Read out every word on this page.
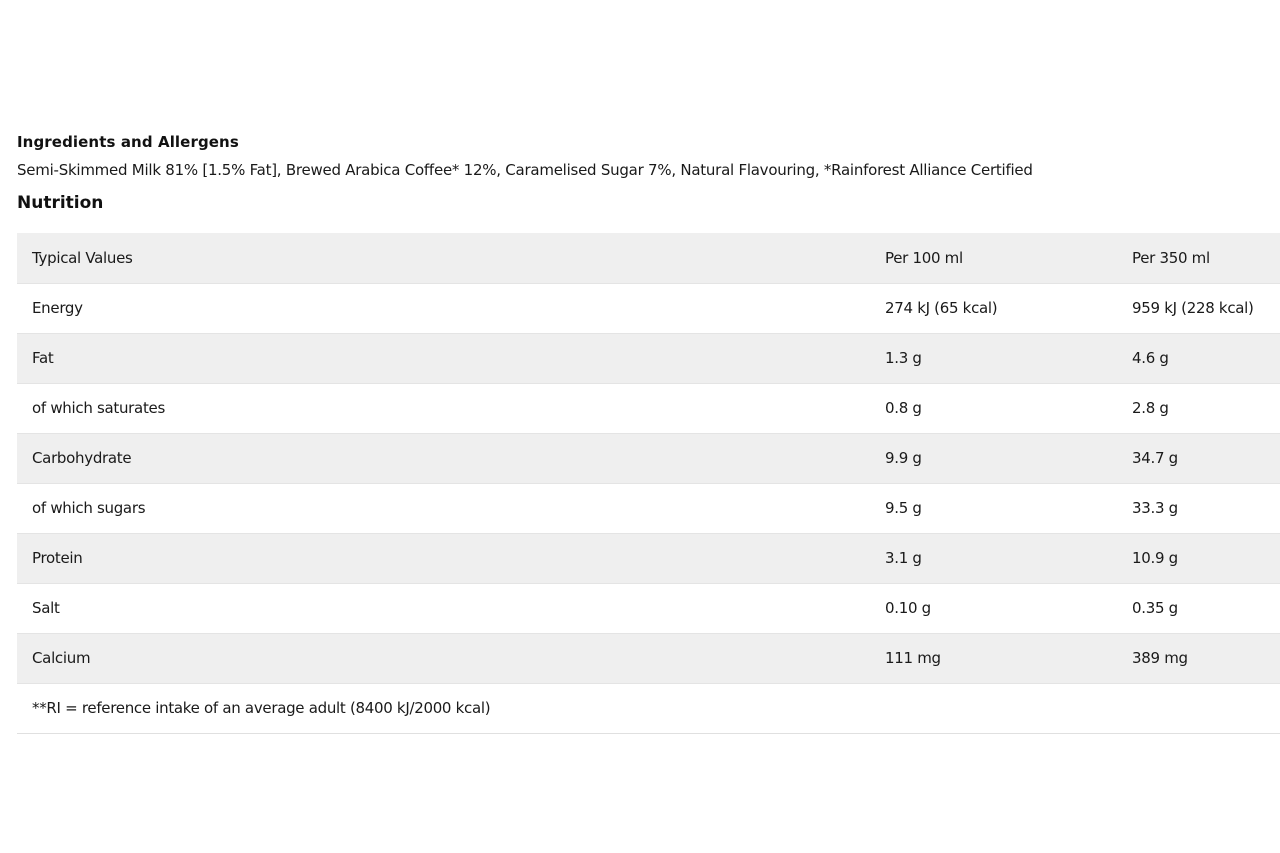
Ingredients and Allergens
Semi-Skimmed Milk 81% [1.5% Fat], Brewed Arabica Coffee* 12%, Caramelised Sugar 7%, Natural Flavouring, *Rainforest Alliance Certified
Nutrition
Typical Values	Per 100 ml	Per 350 ml
Energy	274 kJ (65 kcal)	959 kJ (228 kcal)
Fat	1.3 g	4.6 g
of which saturates	0.8 g	2.8 g
Carbohydrate	9.9 g	34.7 g
of which sugars	9.5 g	33.3 g
Protein	3.1 g	10.9 g
Salt	0.10 g	0.35 g
Calcium	111 mg	389 mg
**RI = reference intake of an average adult (8400 kJ/2000 kcal)		
